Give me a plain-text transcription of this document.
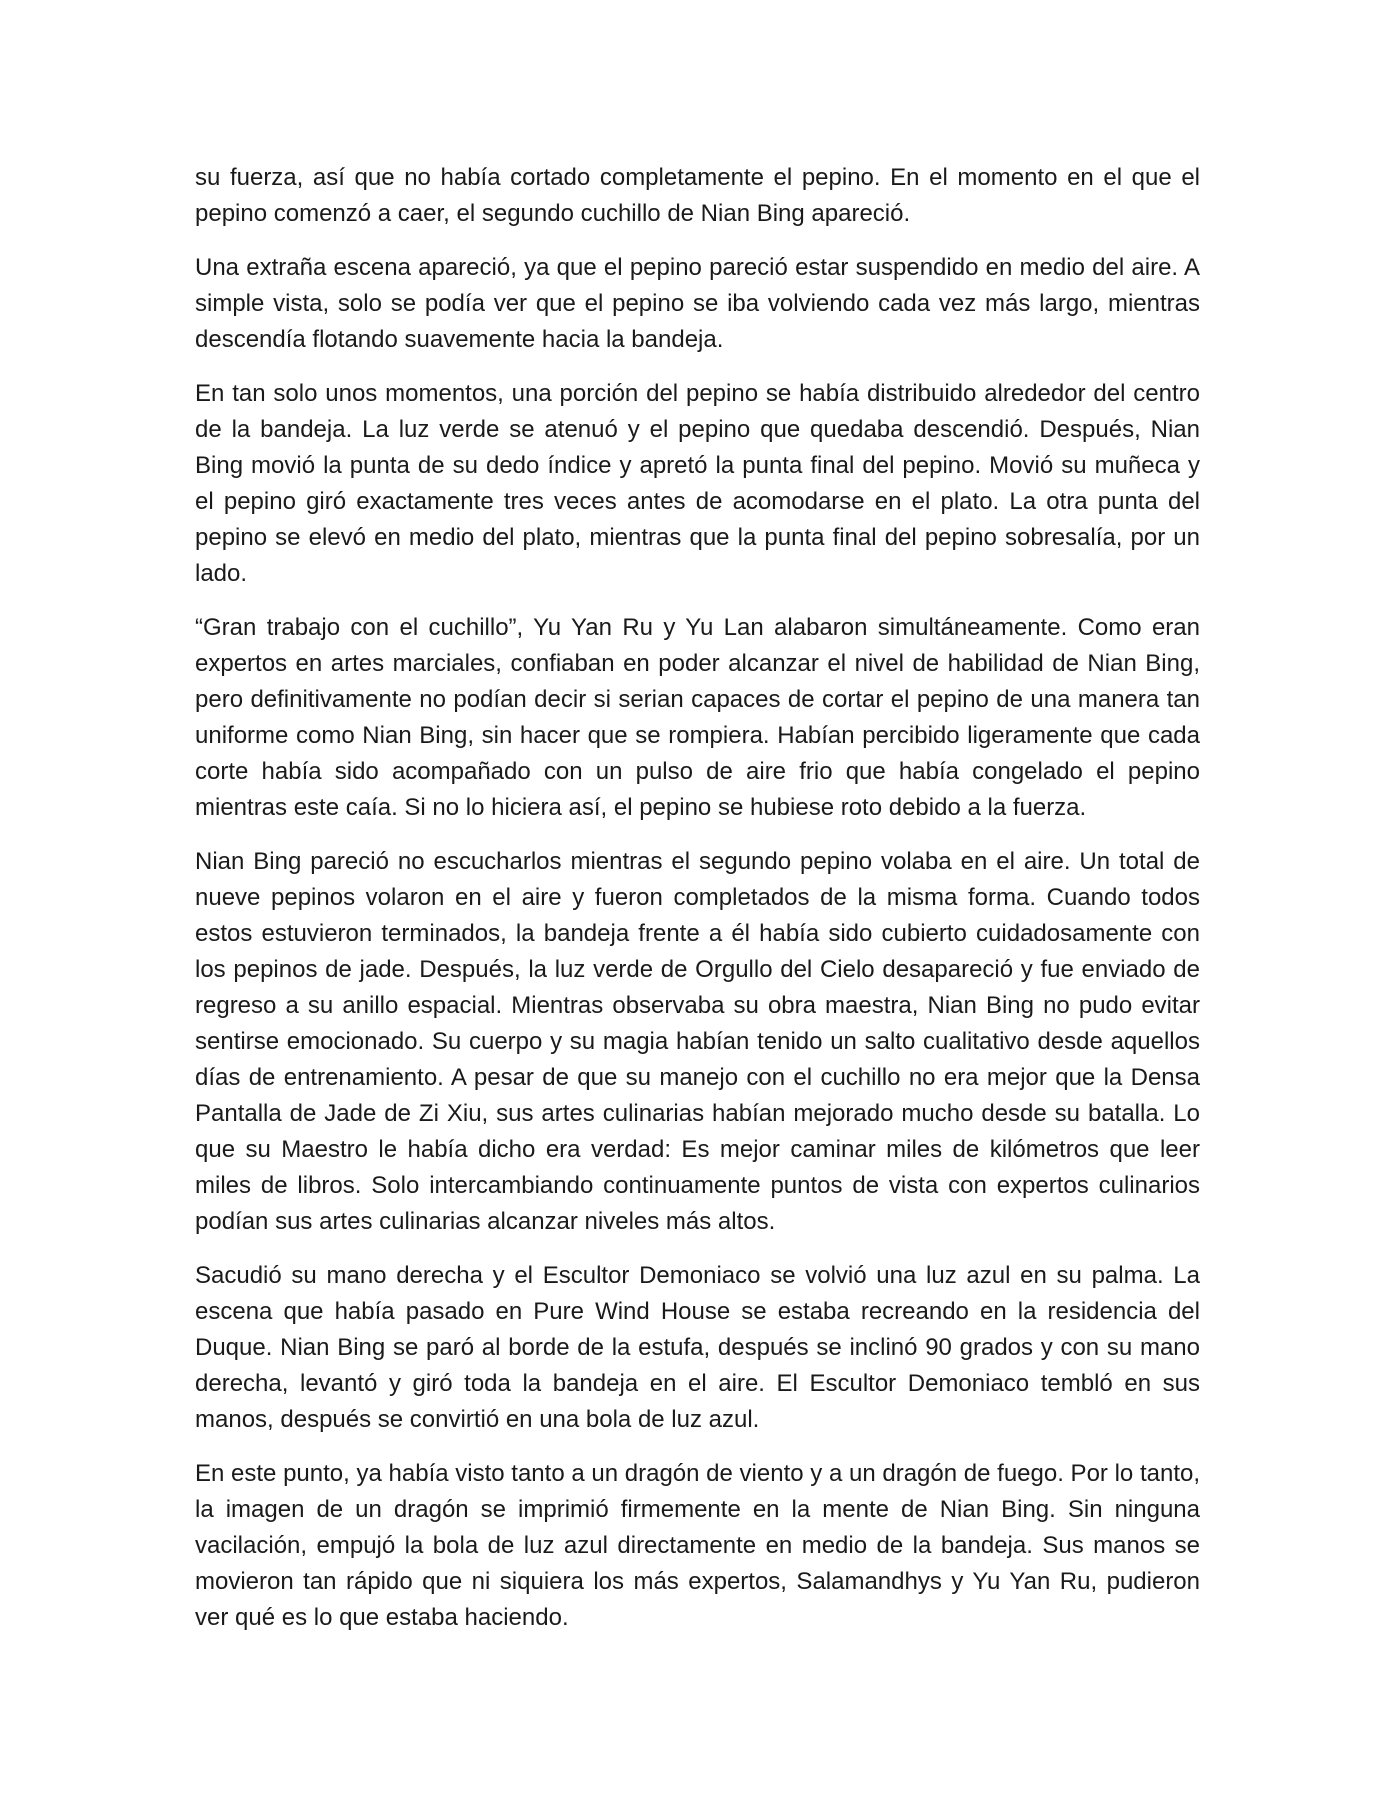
su fuerza, así que no había cortado completamente el pepino. En el momento en el que el pepino comenzó a caer, el segundo cuchillo de Nian Bing apareció.

Una extraña escena apareció, ya que el pepino pareció estar suspendido en medio del aire. A simple vista, solo se podía ver que el pepino se iba volviendo cada vez más largo, mientras descendía flotando suavemente hacia la bandeja.

En tan solo unos momentos, una porción del pepino se había distribuido alrededor del centro de la bandeja. La luz verde se atenuó y el pepino que quedaba descendió. Después, Nian Bing movió la punta de su dedo índice y apretó la punta final del pepino. Movió su muñeca y el pepino giró exactamente tres veces antes de acomodarse en el plato. La otra punta del pepino se elevó en medio del plato, mientras que la punta final del pepino sobresalía, por un lado.

“Gran trabajo con el cuchillo”, Yu Yan Ru y Yu Lan alabaron simultáneamente. Como eran expertos en artes marciales, confiaban en poder alcanzar el nivel de habilidad de Nian Bing, pero definitivamente no podían decir si serian capaces de cortar el pepino de una manera tan uniforme como Nian Bing, sin hacer que se rompiera. Habían percibido ligeramente que cada corte había sido acompañado con un pulso de aire frio que había congelado el pepino mientras este caía. Si no lo hiciera así, el pepino se hubiese roto debido a la fuerza.

Nian Bing pareció no escucharlos mientras el segundo pepino volaba en el aire. Un total de nueve pepinos volaron en el aire y fueron completados de la misma forma. Cuando todos estos estuvieron terminados, la bandeja frente a él había sido cubierto cuidadosamente con los pepinos de jade. Después, la luz verde de Orgullo del Cielo desapareció y fue enviado de regreso a su anillo espacial. Mientras observaba su obra maestra, Nian Bing no pudo evitar sentirse emocionado. Su cuerpo y su magia habían tenido un salto cualitativo desde aquellos días de entrenamiento. A pesar de que su manejo con el cuchillo no era mejor que la Densa Pantalla de Jade de Zi Xiu, sus artes culinarias habían mejorado mucho desde su batalla. Lo que su Maestro le había dicho era verdad: Es mejor caminar miles de kilómetros que leer miles de libros. Solo intercambiando continuamente puntos de vista con expertos culinarios podían sus artes culinarias alcanzar niveles más altos.

Sacudió su mano derecha y el Escultor Demoniaco se volvió una luz azul en su palma. La escena que había pasado en Pure Wind House se estaba recreando en la residencia del Duque. Nian Bing se paró al borde de la estufa, después se inclinó 90 grados y con su mano derecha, levantó y giró toda la bandeja en el aire. El Escultor Demoniaco tembló en sus manos, después se convirtió en una bola de luz azul.

En este punto, ya había visto tanto a un dragón de viento y a un dragón de fuego. Por lo tanto, la imagen de un dragón se imprimió firmemente en la mente de Nian Bing. Sin ninguna vacilación, empujó la bola de luz azul directamente en medio de la bandeja. Sus manos se movieron tan rápido que ni siquiera los más expertos, Salamandhys y Yu Yan Ru, pudieron ver qué es lo que estaba haciendo.
